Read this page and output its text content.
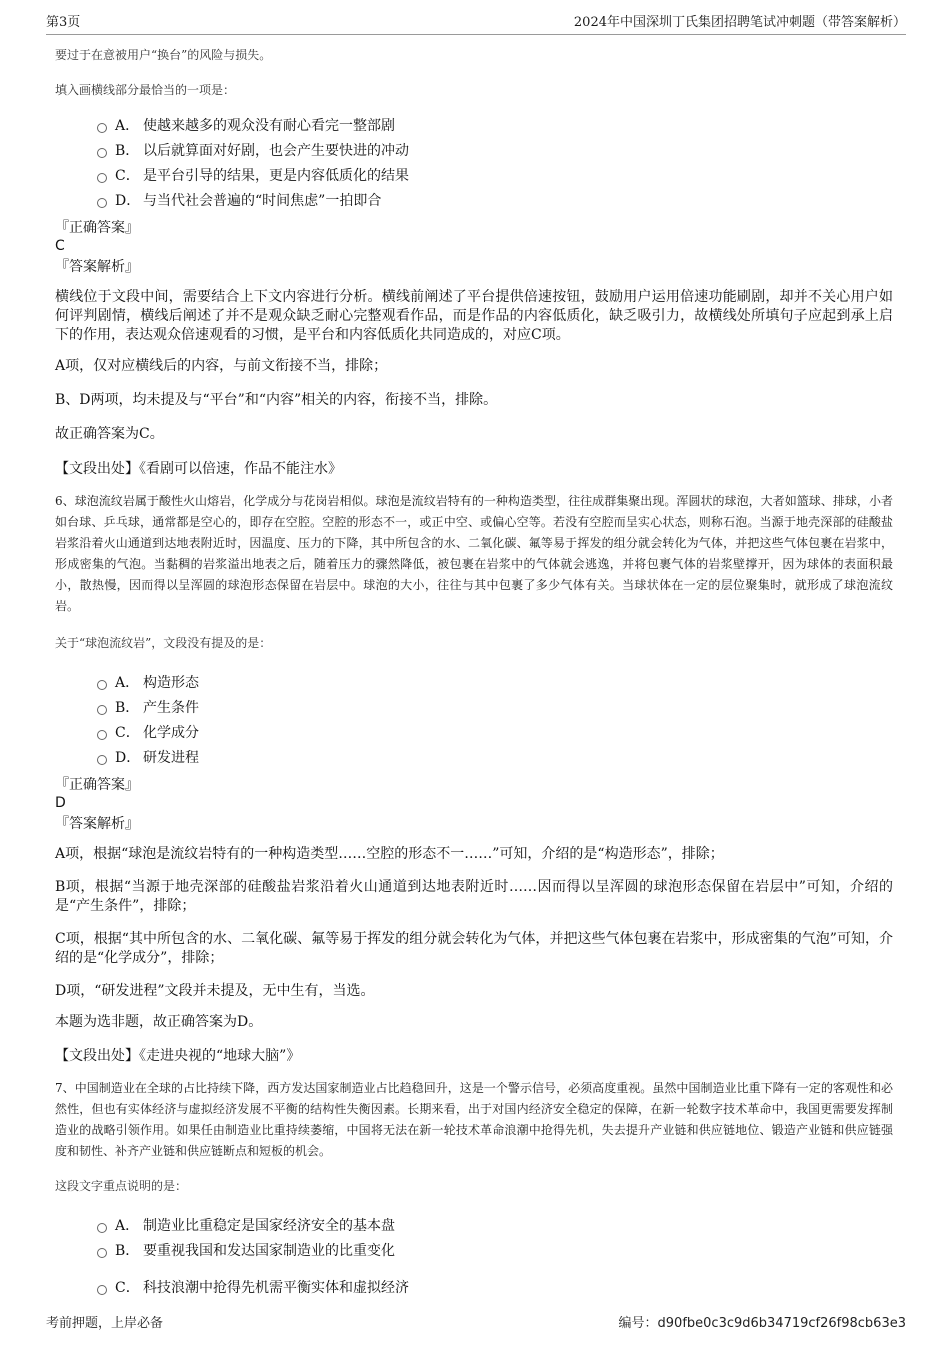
第3页	2024年中国深圳丁氏集团招聘笔试冲刺题（带答案解析）

要过于在意被用户“换台”的风险与损失。

填入画横线部分最恰当的一项是：

A． 使越来越多的观众没有耐心看完一整部剧
B． 以后就算面对好剧，也会产生要快进的冲动
C． 是平台引导的结果，更是内容低质化的结果
D． 与当代社会普遍的“时间焦虑”一拍即合

『正确答案』

C

『答案解析』

横线位于文段中间，需要结合上下文内容进行分析。横线前阐述了平台提供倍速按钮，鼓励用户运用倍速功能刷剧，却并不关心用户如何评判剧情，横线后阐述了并不是观众缺乏耐心完整观看作品，而是作品的内容低质化，缺乏吸引力，故横线处所填句子应起到承上启下的作用，表达观众倍速观看的习惯，是平台和内容低质化共同造成的，对应C项。

A项，仅对应横线后的内容，与前文衔接不当，排除；

B、D两项，均未提及与“平台”和“内容”相关的内容，衔接不当，排除。

故正确答案为C。

【文段出处】《看剧可以倍速，作品不能注水》

6、球泡流纹岩属于酸性火山熔岩，化学成分与花岗岩相似。球泡是流纹岩特有的一种构造类型，往往成群集聚出现。浑圆状的球泡，大者如篮球、排球，小者如台球、乒乓球，通常都是空心的，即存在空腔。空腔的形态不一，或正中空、或偏心空等。若没有空腔而呈实心状态，则称石泡。当源于地壳深部的硅酸盐岩浆沿着火山通道到达地表附近时，因温度、压力的下降，其中所包含的水、二氧化碳、氟等易于挥发的组分就会转化为气体，并把这些气体包裹在岩浆中，形成密集的气泡。当黏稠的岩浆溢出地表之后，随着压力的骤然降低，被包裹在岩浆中的气体就会逃逸，并将包裹气体的岩浆壁撑开，因为球体的表面积最小，散热慢，因而得以呈浑圆的球泡形态保留在岩层中。球泡的大小，往往与其中包裹了多少气体有关。当球状体在一定的层位聚集时，就形成了球泡流纹岩。

关于“球泡流纹岩”，文段没有提及的是：

A． 构造形态
B． 产生条件
C． 化学成分
D． 研发进程

『正确答案』

D

『答案解析』

A项，根据“球泡是流纹岩特有的一种构造类型……空腔的形态不一……”可知，介绍的是“构造形态”，排除；

B项，根据“当源于地壳深部的硅酸盐岩浆沿着火山通道到达地表附近时……因而得以呈浑圆的球泡形态保留在岩层中”可知，介绍的是“产生条件”，排除；

C项，根据“其中所包含的水、二氧化碳、氟等易于挥发的组分就会转化为气体，并把这些气体包裹在岩浆中，形成密集的气泡”可知，介绍的是“化学成分”，排除；

D项，“研发进程”文段并未提及，无中生有，当选。

本题为选非题，故正确答案为D。

【文段出处】《走进央视的“地球大脑”》

7、中国制造业在全球的占比持续下降，西方发达国家制造业占比趋稳回升，这是一个警示信号，必须高度重视。虽然中国制造业比重下降有一定的客观性和必然性，但也有实体经济与虚拟经济发展不平衡的结构性失衡因素。长期来看，出于对国内经济安全稳定的保障，在新一轮数字技术革命中，我国更需要发挥制造业的战略引领作用。如果任由制造业比重持续萎缩，中国将无法在新一轮技术革命浪潮中抢得先机，失去提升产业链和供应链地位、锻造产业链和供应链强度和韧性、补齐产业链和供应链断点和短板的机会。

这段文字重点说明的是：

A． 制造业比重稳定是国家经济安全的基本盘
B． 要重视我国和发达国家制造业的比重变化
C． 科技浪潮中抢得先机需平衡实体和虚拟经济
考前押题，上岸必备	编号：d90fbe0c3c9d6b34719cf26f98cb63e3
